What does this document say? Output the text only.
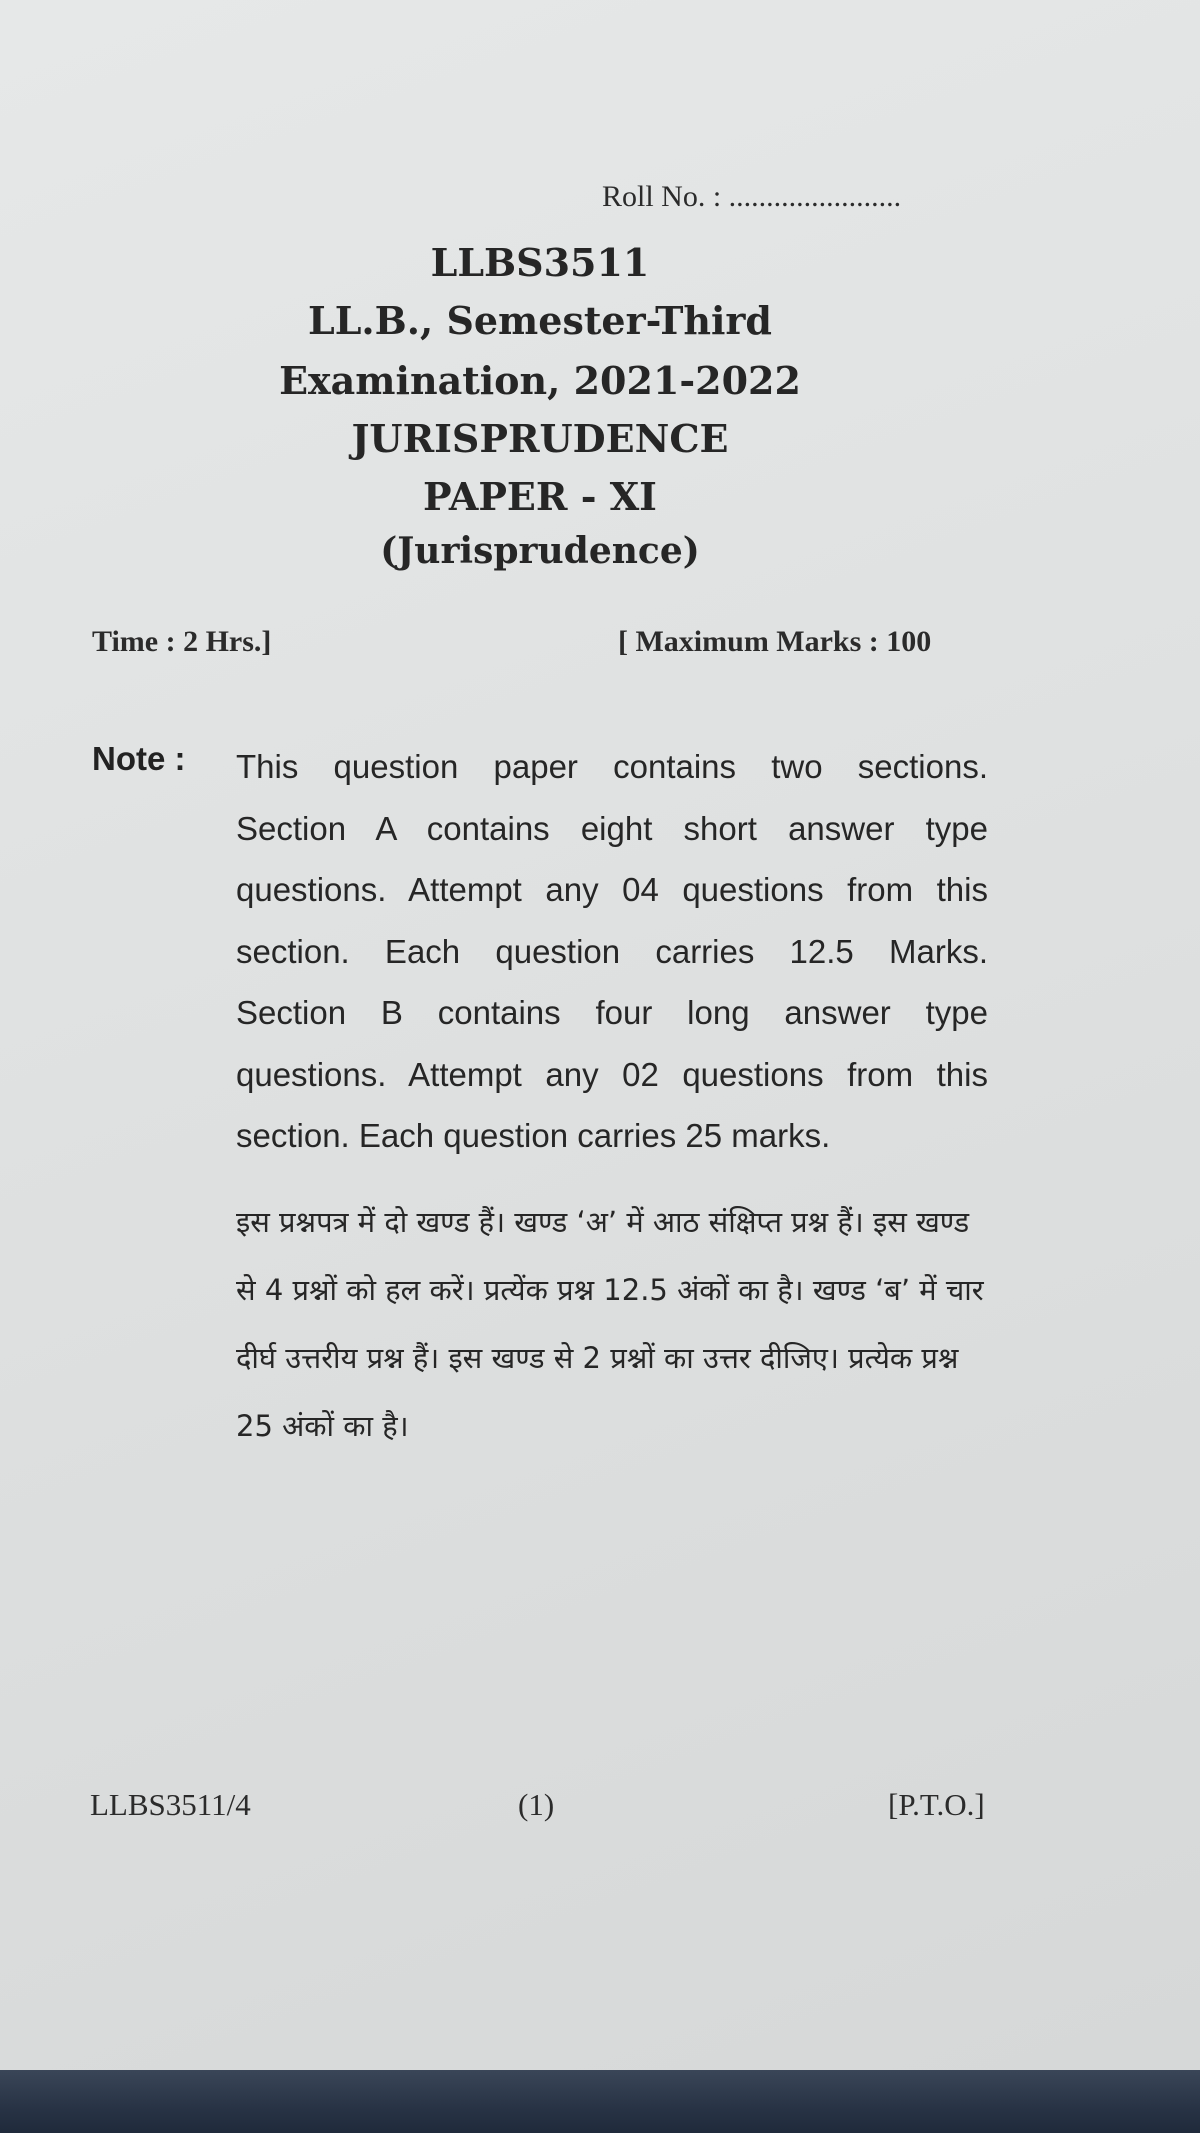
Roll No. : .......................
LLBS3511
LL.B., Semester-Third
Examination, 2021-2022
JURISPRUDENCE
PAPER - XI
(Jurisprudence)
Time : 2 Hrs.]	[ Maximum Marks : 100
Note : This question paper contains two sections.
Section A contains eight short answer type
questions. Attempt any 04 questions from this
section. Each question carries 12.5 Marks.
Section B contains four long answer type
questions. Attempt any 02 questions from this
section. Each question carries 25 marks.
इस प्रश्नपत्र में दो खण्ड हैं। खण्ड ‘अ’ में आठ संक्षिप्त प्रश्न हैं। इस खण्ड से 4 प्रश्नों को हल करें। प्रत्येंक प्रश्न 12.5 अंकों का है। खण्ड ‘ब’ में चार दीर्घ उत्तरीय प्रश्न हैं। इस खण्ड से 2 प्रश्नों का उत्तर दीजिए। प्रत्येक प्रश्न 25 अंकों का है।
LLBS3511/4	(1)	[P.T.O.]
